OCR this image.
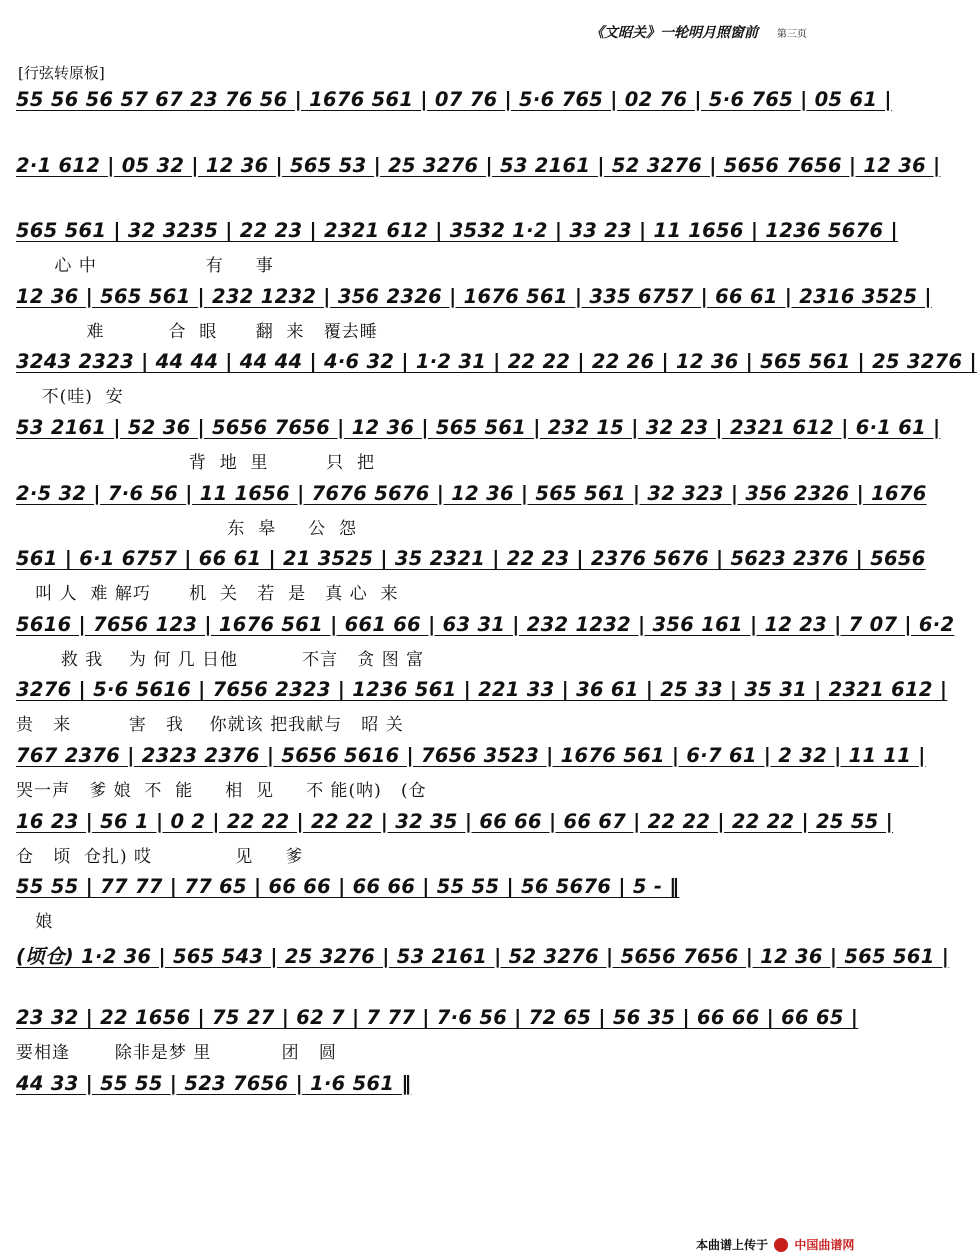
《文昭关》一轮明月照窗前 第三页
[行弦转原板]
55 56 56 57 67 23 76 56 | 1676 561 | 07 76 | 5·6 765 | 02 76 | 5·6 765 | 05 61 |
2·1 612 | 05 32 | 12 36 | 565 53 | 25 3276 | 53 2161 | 52 3276 | 5656 7656 | 12 36 |
565 561 | 32 3235 | 22 23 | 2321 612 | 3532 1·2 | 33 23 | 11 1656 | 1236 5676 |
心 中                 有     事
12 36 | 565 561 | 232 1232 | 356 2326 | 1676 561 | 335 6757 | 66 61 | 2316 3525 |
难          合  眼      翻  来   覆去睡
3243 2323 | 44 44 | 44 44 | 4·6 32 | 1·2 31 | 22 22 | 22 26 | 12 36 | 565 561 | 25 3276 |
不(哇)  安
53 2161 | 52 36 | 5656 7656 | 12 36 | 565 561 | 232 15 | 32 23 | 2321 612 | 6·1 61 |
背  地  里         只  把
2·5 32 | 7·6 56 | 11 1656 | 7676 5676 | 12 36 | 565 561 | 32 323 | 356 2326 | 1676
东  皋     公  怨
561 | 6·1 6757 | 66 61 | 21 3525 | 35 2321 | 22 23 | 2376 5676 | 5623 2376 | 5656
叫 人  难 解巧      机  关   若  是   真 心  来
5616 | 7656 123 | 1676 561 | 661 66 | 63 31 | 232 1232 | 356 161 | 12 23 | 7 07 | 6·2
救 我    为 何 几 日他          不言   贪 图 富
3276 | 5·6 5616 | 7656 2323 | 1236 561 | 221 33 | 36 61 | 25 33 | 35 31 | 2321 612 |
贵   来         害   我    你就该 把我献与   昭 关
767 2376 | 2323 2376 | 5656 5616 | 7656 3523 | 1676 561 | 6·7 61 | 2 32 | 11 11 |
哭一声   爹 娘  不  能     相  见     不 能(呐)   (仓
16 23 | 56 1 | 0 2 | 22 22 | 22 22 | 32 35 | 66 66 | 66 67 | 22 22 | 22 22 | 25 55 |
仓   顷  仓扎) 哎             见     爹
55 55 | 77 77 | 77 65 | 66 66 | 66 66 | 55 55 | 56 5676 | 5 - ‖
娘
(顷仓) 1·2 36 | 565 543 | 25 3276 | 53 2161 | 52 3276 | 5656 7656 | 12 36 | 565 561 |
23 32 | 22 1656 | 75 27 | 62 7 | 7 77 | 7·6 56 | 72 65 | 56 35 | 66 66 | 66 65 |
要相逢       除非是梦 里           团   圆
44 33 | 55 55 | 523 7656 | 1·6 561 ‖
本曲谱上传于 中国曲谱网
